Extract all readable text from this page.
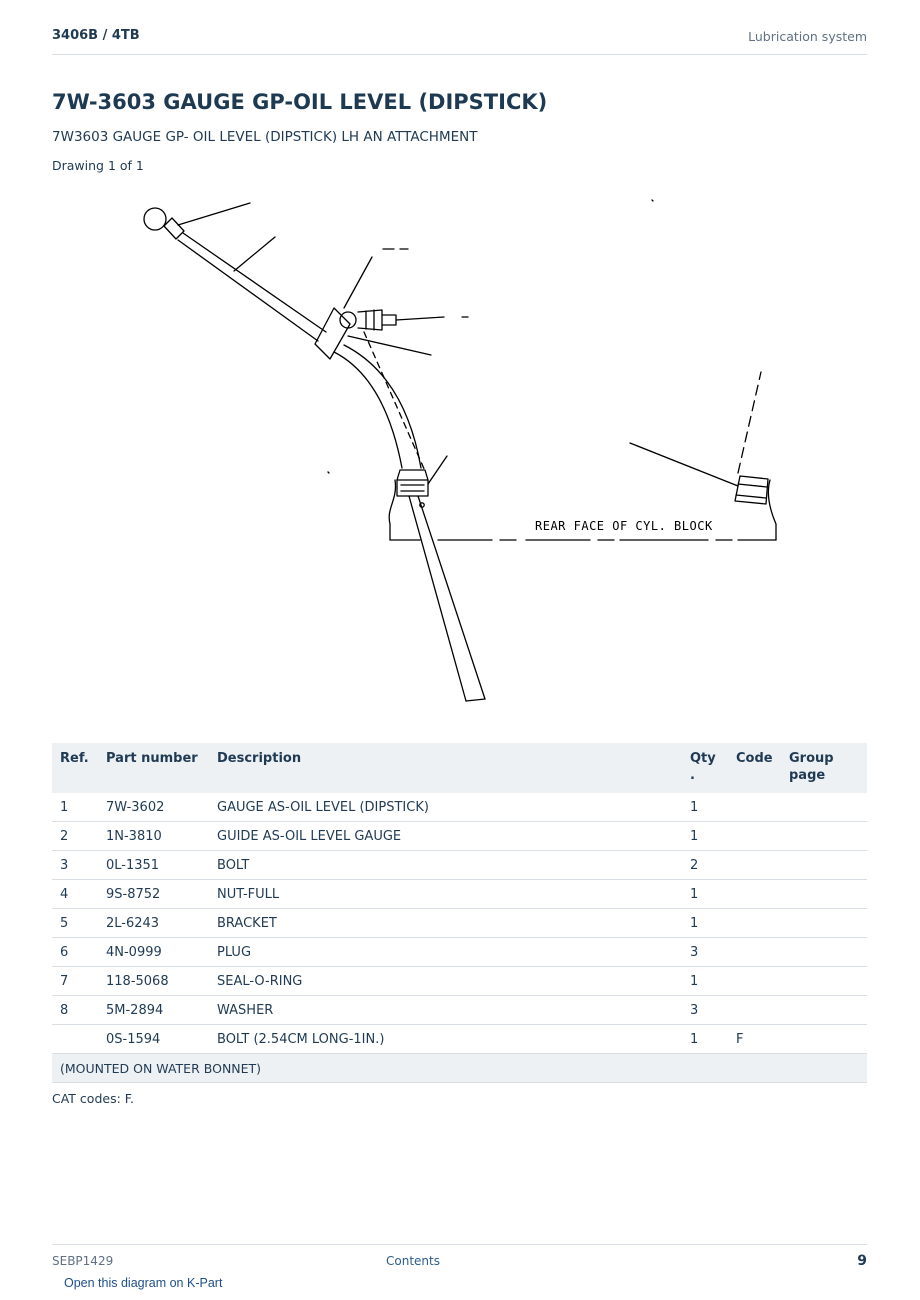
3406B / 4TB	Lubrication system
7W-3603 GAUGE GP-OIL LEVEL (DIPSTICK)
7W3603 GAUGE GP- OIL LEVEL (DIPSTICK) LH AN ATTACHMENT
Drawing 1 of 1
REAR FACE OF CYL. BLOCK
Ref.	Part number	Description	Qty .	Code	Group page
1	7W-3602	GAUGE AS-OIL LEVEL (DIPSTICK)	1		
2	1N-3810	GUIDE AS-OIL LEVEL GAUGE	1		
3	0L-1351	BOLT	2		
4	9S-8752	NUT-FULL	1		
5	2L-6243	BRACKET	1		
6	4N-0999	PLUG	3		
7	118-5068	SEAL-O-RING	1		
8	5M-2894	WASHER	3		
	0S-1594	BOLT (2.54CM LONG-1IN.)	1	F	
(MOUNTED ON WATER BONNET)					
CAT codes: F.
SEBP1429	Contents	9
Open this diagram on K-Part
